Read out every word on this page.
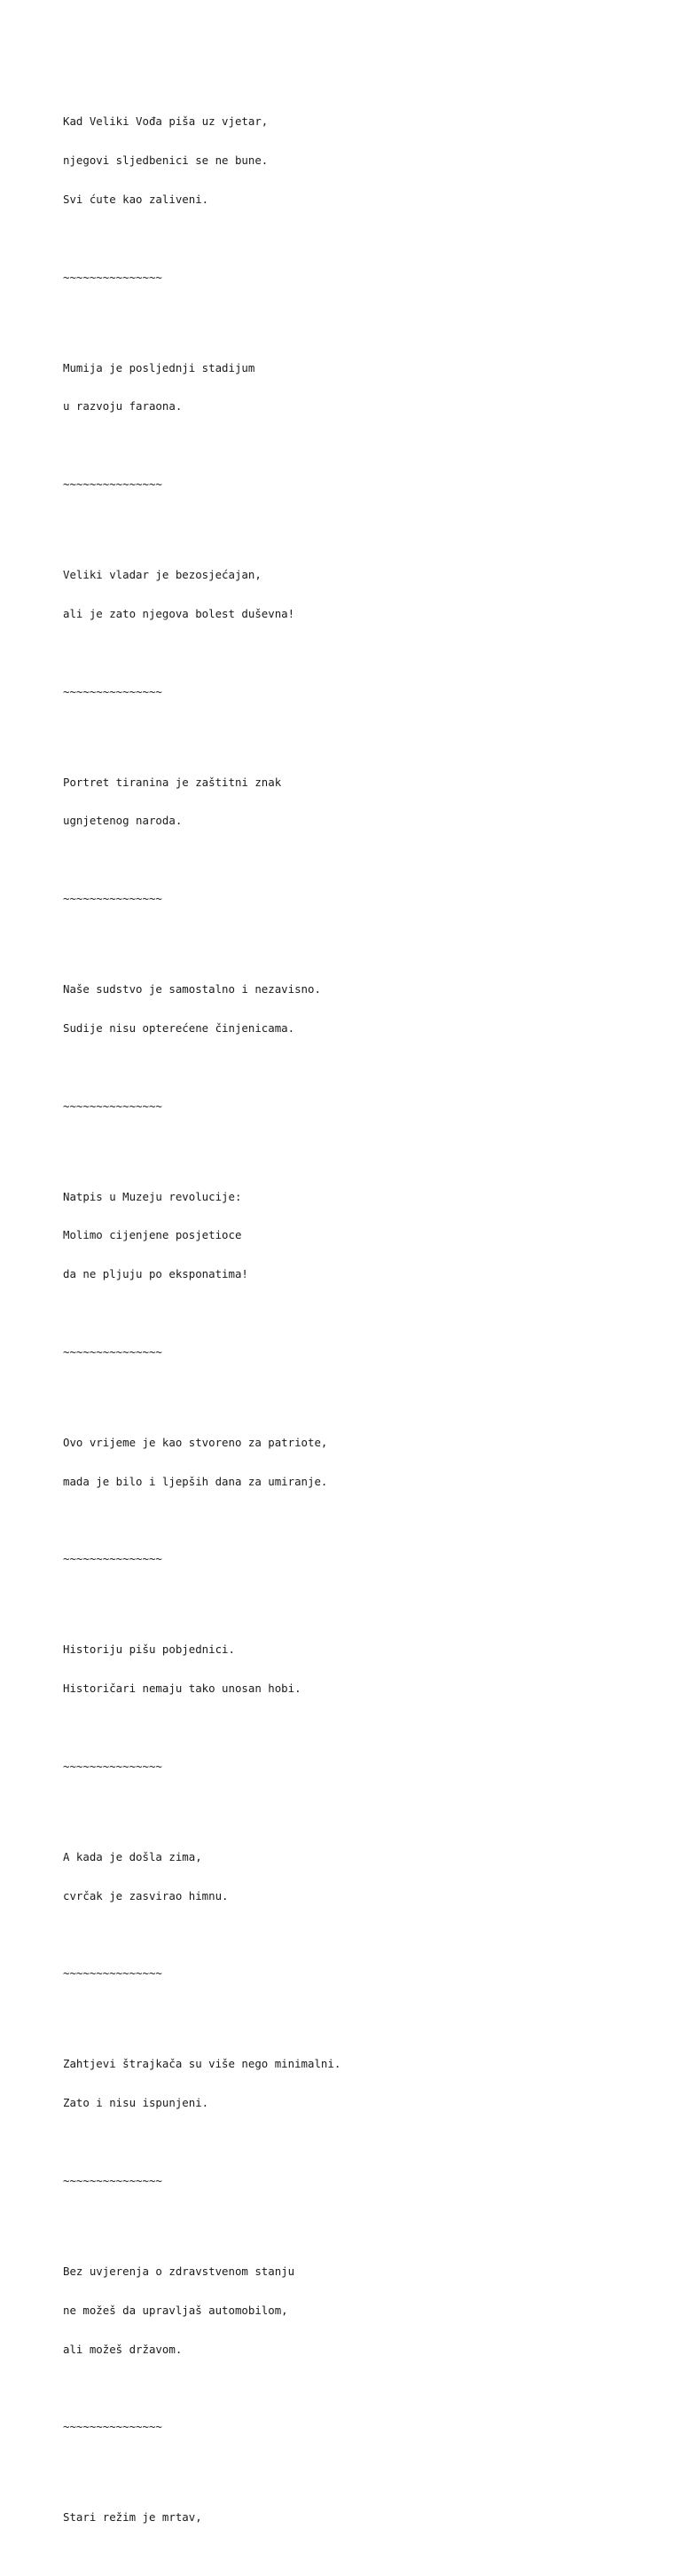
Kad Veliki Vođa piša uz vjetar,

njegovi sljedbenici se ne bune.

Svi ćute kao zaliveni.

~~~~~~~~~~~~~~~

Mumija je posljednji stadijum

u razvoju faraona.

~~~~~~~~~~~~~~~

Veliki vladar je bezosjećajan,

ali je zato njegova bolest duševna!

~~~~~~~~~~~~~~~

Portret tiranina je zaštitni znak

ugnjetenog naroda.

~~~~~~~~~~~~~~~

Naše sudstvo je samostalno i nezavisno.

Sudije nisu opterećene činjenicama.

~~~~~~~~~~~~~~~

Natpis u Muzeju revolucije:

Molimo cijenjene posjetioce

da ne pljuju po eksponatima!

~~~~~~~~~~~~~~~

Ovo vrijeme je kao stvoreno za patriote,

mada je bilo i ljepših dana za umiranje.

~~~~~~~~~~~~~~~

Historiju pišu pobjednici.

Historičari nemaju tako unosan hobi.

~~~~~~~~~~~~~~~

A kada je došla zima,

cvrčak je zasvirao himnu.

~~~~~~~~~~~~~~~

Zahtjevi štrajkača su više nego minimalni.

Zato i nisu ispunjeni.

~~~~~~~~~~~~~~~

Bez uvjerenja o zdravstvenom stanju

ne možeš da upravljaš automobilom,

ali možeš državom.

~~~~~~~~~~~~~~~

Stari režim je mrtav,
